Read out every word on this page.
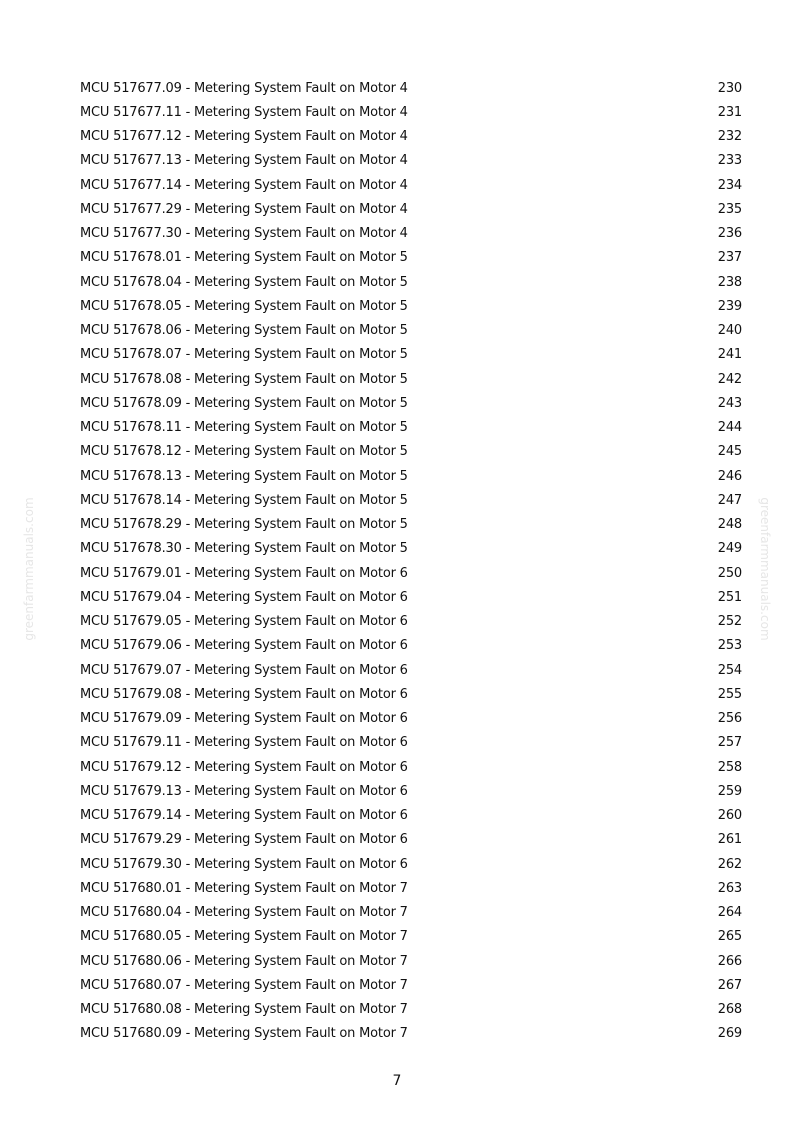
greenfarmmanuals.com	greenfarmmanuals.com
MCU 517677.09 - Metering System Fault on Motor 4	230
MCU 517677.11 - Metering System Fault on Motor 4	231
MCU 517677.12 - Metering System Fault on Motor 4	232
MCU 517677.13 - Metering System Fault on Motor 4	233
MCU 517677.14 - Metering System Fault on Motor 4	234
MCU 517677.29 - Metering System Fault on Motor 4	235
MCU 517677.30 - Metering System Fault on Motor 4	236
MCU 517678.01 - Metering System Fault on Motor 5	237
MCU 517678.04 - Metering System Fault on Motor 5	238
MCU 517678.05 - Metering System Fault on Motor 5	239
MCU 517678.06 - Metering System Fault on Motor 5	240
MCU 517678.07 - Metering System Fault on Motor 5	241
MCU 517678.08 - Metering System Fault on Motor 5	242
MCU 517678.09 - Metering System Fault on Motor 5	243
MCU 517678.11 - Metering System Fault on Motor 5	244
MCU 517678.12 - Metering System Fault on Motor 5	245
MCU 517678.13 - Metering System Fault on Motor 5	246
MCU 517678.14 - Metering System Fault on Motor 5	247
MCU 517678.29 - Metering System Fault on Motor 5	248
MCU 517678.30 - Metering System Fault on Motor 5	249
MCU 517679.01 - Metering System Fault on Motor 6	250
MCU 517679.04 - Metering System Fault on Motor 6	251
MCU 517679.05 - Metering System Fault on Motor 6	252
MCU 517679.06 - Metering System Fault on Motor 6	253
MCU 517679.07 - Metering System Fault on Motor 6	254
MCU 517679.08 - Metering System Fault on Motor 6	255
MCU 517679.09 - Metering System Fault on Motor 6	256
MCU 517679.11 - Metering System Fault on Motor 6	257
MCU 517679.12 - Metering System Fault on Motor 6	258
MCU 517679.13 - Metering System Fault on Motor 6	259
MCU 517679.14 - Metering System Fault on Motor 6	260
MCU 517679.29 - Metering System Fault on Motor 6	261
MCU 517679.30 - Metering System Fault on Motor 6	262
MCU 517680.01 - Metering System Fault on Motor 7	263
MCU 517680.04 - Metering System Fault on Motor 7	264
MCU 517680.05 - Metering System Fault on Motor 7	265
MCU 517680.06 - Metering System Fault on Motor 7	266
MCU 517680.07 - Metering System Fault on Motor 7	267
MCU 517680.08 - Metering System Fault on Motor 7	268
MCU 517680.09 - Metering System Fault on Motor 7	269
7
